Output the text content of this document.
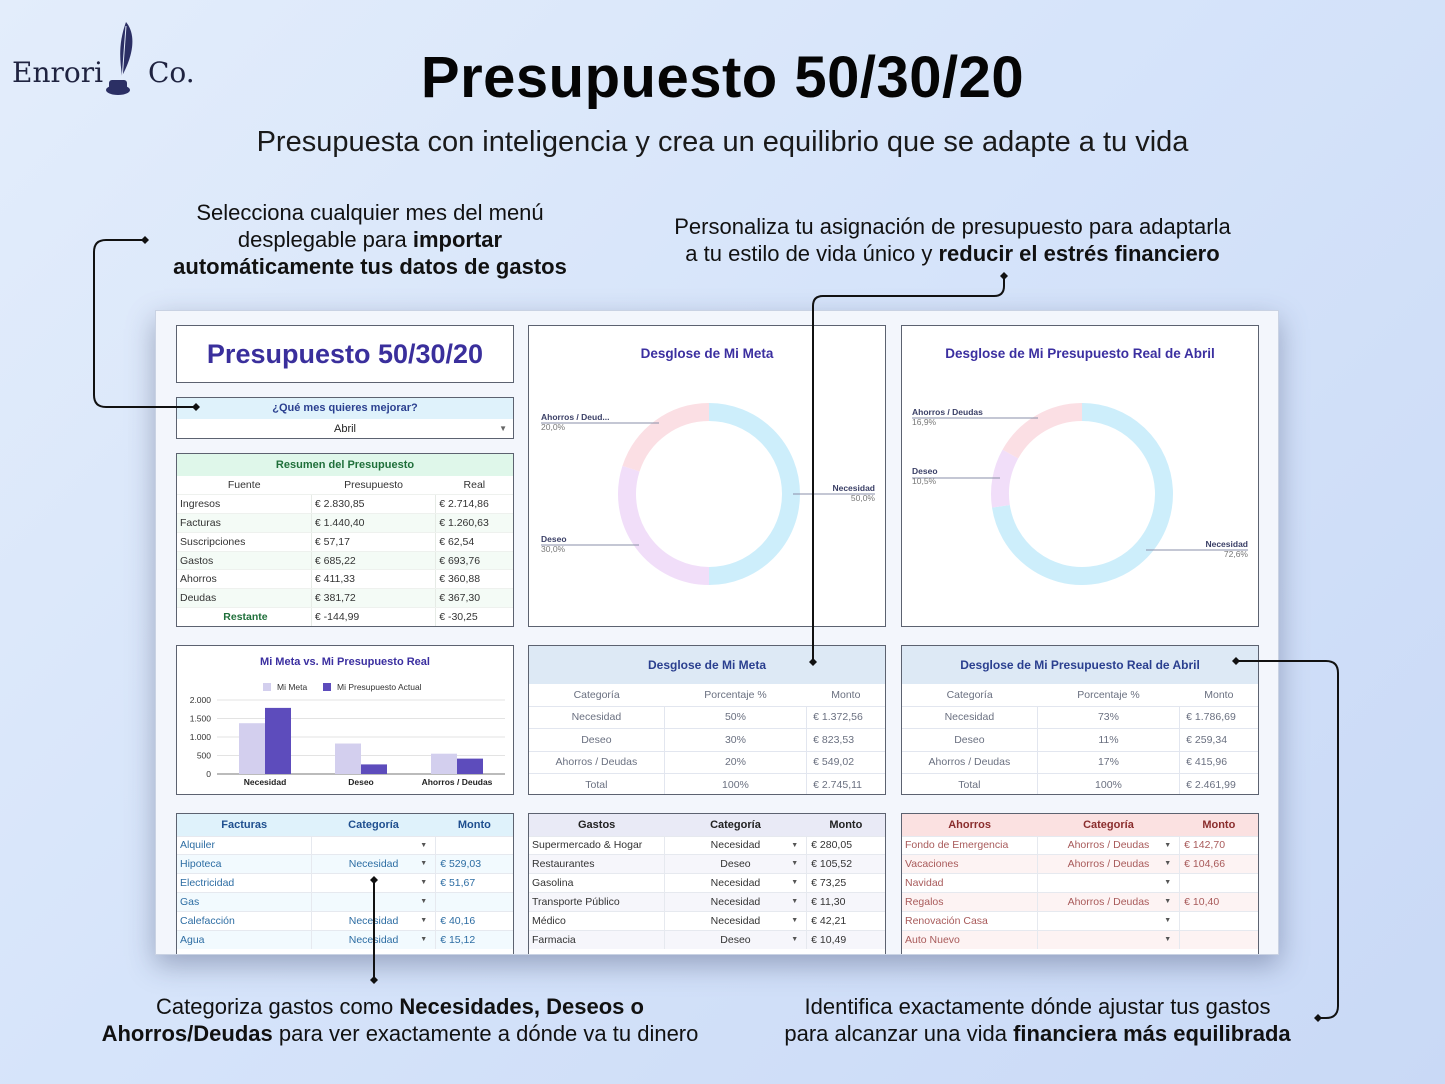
Enrori Co.	Presupuesto 50/30/20
Presupuesta con inteligencia y crea un equilibrio que se adapte a tu vida
Selecciona cualquier mes del menú
desplegable para importar
automáticamente tus datos de gastos
Personaliza tu asignación de presupuesto para adaptarla
a tu estilo de vida único y reducir el estrés financiero
Categoriza gastos como Necesidades, Deseos o
Ahorros/Deudas para ver exactamente a dónde va tu dinero
Identifica exactamente dónde ajustar tus gastos
para alcanzar una vida financiera más equilibrada
Presupuesto 50/30/20
¿Qué mes quieres mejorar?
Abril	▼
Resumen del Presupuesto
Fuente	Presupuesto	Real
Ingresos	€ 2.830,85	€ 2.714,86
Facturas	€ 1.440,40	€ 1.260,63
Suscripciones	€ 57,17	€ 62,54
Gastos	€ 685,22	€ 693,76
Ahorros	€ 411,33	€ 360,88
Deudas	€ 381,72	€ 367,30
Restante	€ -144,99	€ -30,25
Desglose de Mi Meta
Ahorros / Deud...
20,0%
Deseo
30,0%
Necesidad
50,0%
Desglose de Mi Presupuesto Real de Abril
Ahorros / Deudas
16,9%
Deseo
10,5%
Necesidad
72,6%
Mi Meta vs. Mi Presupuesto Real
Mi Meta	Mi Presupuesto Actual
2.000
1.500
1.000
500
0
Necesidad	Deseo	Ahorros / Deudas
Desglose de Mi Meta
Categoría	Porcentaje %	Monto
Necesidad	50%	€ 1.372,56
Deseo	30%	€ 823,53
Ahorros / Deudas	20%	€ 549,02
Total	100%	€ 2.745,11
Desglose de Mi Presupuesto Real de Abril
Categoría	Porcentaje %	Monto
Necesidad	73%	€ 1.786,69
Deseo	11%	€ 259,34
Ahorros / Deudas	17%	€ 415,96
Total	100%	€ 2.461,99
Facturas	Categoría	Monto
Alquiler	▼	

Hipoteca	Necesidad ▼	€ 529,03
Electricidad	▼	€ 51,67
Gas	▼	

Calefacción	Necesidad ▼	€ 40,16
Agua	Necesidad ▼	€ 15,12
Gastos	Categoría	Monto
Supermercado & Hogar	Necesidad ▼	€ 280,05
Restaurantes	Deseo ▼	€ 105,52
Gasolina	Necesidad ▼	€ 73,25
Transporte Público	Necesidad ▼	€ 11,30
Médico	Necesidad ▼	€ 42,21
Farmacia	Deseo ▼	€ 10,49
Ahorros	Categoría	Monto
Fondo de Emergencia	Ahorros / Deudas ▼	€ 142,70
Vacaciones	Ahorros / Deudas ▼	€ 104,66
Navidad	▼	

Regalos	Ahorros / Deudas ▼	€ 10,40
Renovación Casa	▼	

Auto Nuevo	▼	
